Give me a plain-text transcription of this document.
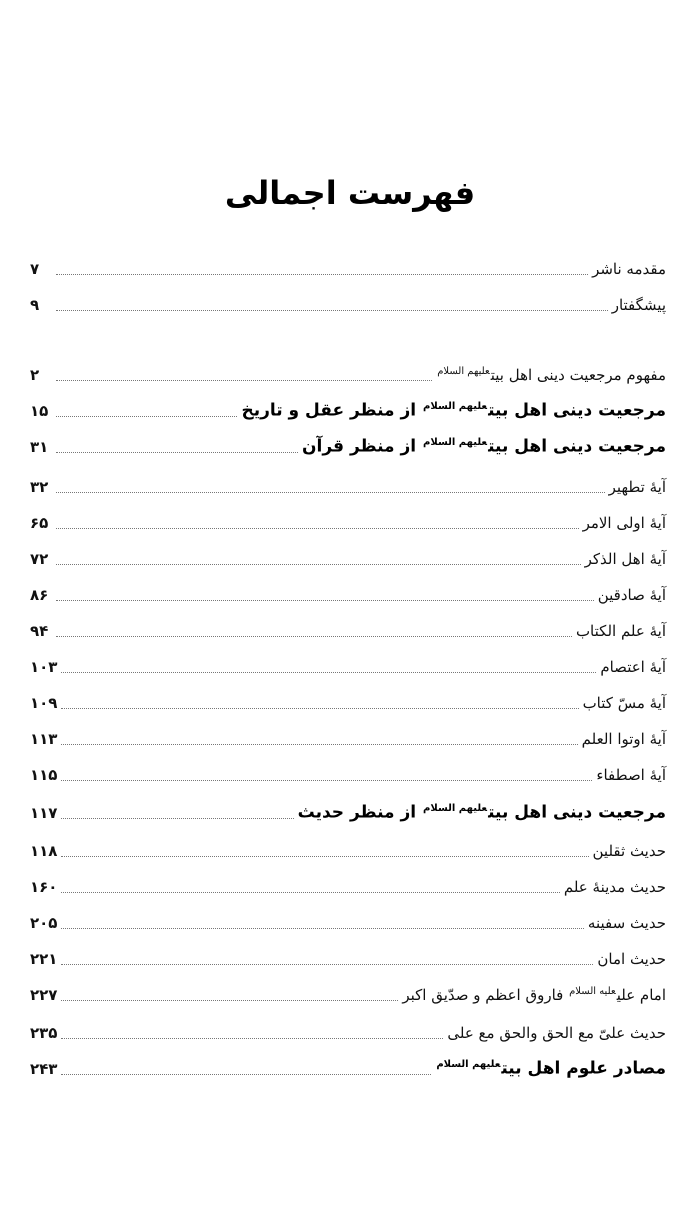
فهرست اجمالی
مقدمه ناشر
۷
پیشگفتار
۹
مفهوم مرجعیت دینی اهل بیت$^{عليهم السلام}$
۲
مرجعیت دینی اهل بیت$^{عليهم السلام}$ از منظر عقل و تاریخ
۱۵
مرجعیت دینی اهل بیت$^{عليهم السلام}$ از منظر قرآن
۳۱
آیهٔ تطهیر
۳۲
آیهٔ اولی الامر
۶۵
آیهٔ اهل الذکر
۷۲
آیهٔ صادقین
۸۶
آیهٔ علم الکتاب
۹۴
آیهٔ اعتصام
۱۰۳
آیهٔ مسّ کتاب
۱۰۹
آیهٔ اوتوا العلم
۱۱۳
آیهٔ اصطفاء
۱۱۵
مرجعیت دینی اهل بیت$^{عليهم السلام}$ از منظر حدیث
۱۱۷
حدیث ثقلین
۱۱۸
حدیث مدینهٔ علم
۱۶۰
حدیث سفینه
۲۰۵
حدیث امان
۲۲۱
امام علی$^{عليه السلام}$ فاروق اعظم و صدّیق اکبر
۲۲۷
حدیث علیّ مع الحق والحق مع علی
۲۳۵
مصادر علوم اهل بیت$^{عليهم السلام}$
۲۴۳
